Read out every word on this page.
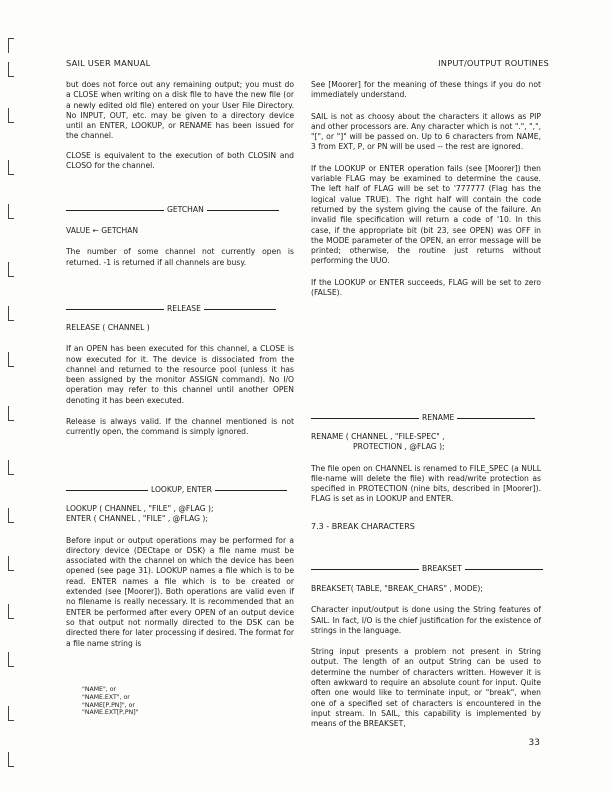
SAIL USER MANUAL	INPUT/OUTPUT ROUTINES

but does not force out any remaining output; you must do a CLOSE when writing on a disk file to have the new file (or a newly edited old file) entered on your User File Directory. No INPUT, OUT, etc. may be given to a directory device until an ENTER, LOOKUP, or RENAME has been issued for the channel.

CLOSE is equivalent to the execution of both CLOSIN and CLOSO for the channel.

GETCHAN

VALUE ← GETCHAN

The number of some channel not currently open is returned. -1 is returned if all channels are busy.

RELEASE

RELEASE ( CHANNEL )

If an OPEN has been executed for this channel, a CLOSE is now executed for it. The device is dissociated from the channel and returned to the resource pool (unless it has been assigned by the monitor ASSIGN command). No I/O operation may refer to this channel until another OPEN denoting it has been executed.

Release is always valid. If the channel mentioned is not currently open, the command is simply ignored.

LOOKUP, ENTER

LOOKUP ( CHANNEL , "FILE" , @FLAG );

ENTER ( CHANNEL , "FILE" , @FLAG );

Before input or output operations may be performed for a directory device (DECtape or DSK) a file name must be associated with the channel on which the device has been opened (see page 31). LOOKUP names a file which is to be read. ENTER names a file which is to be created or extended (see [Moorer]). Both operations are valid even if no filename is really necessary. It is recommended that an ENTER be performed after every OPEN of an output device so that output not normally directed to the DSK can be directed there for later processing if desired. The format for a file name string is

"NAME", or
"NAME.EXT", or
"NAME[P,PN]", or
"NAME.EXT[P,PN]"

See [Moorer] for the meaning of these things if you do not immediately understand.

SAIL is not as choosy about the characters it allows as PIP and other processors are. Any character which is not ".", ",", "[", or "]" will be passed on. Up to 6 characters from NAME, 3 from EXT, P, or PN will be used -- the rest are ignored.

If the LOOKUP or ENTER operation fails (see [Moorer]) then variable FLAG may be examined to determine the cause. The left half of FLAG will be set to '777777 (Flag has the logical value TRUE). The right half will contain the code returned by the system giving the cause of the failure. An invalid file specification will return a code of '10. In this case, if the appropriate bit (bit 23, see OPEN) was OFF in the MODE parameter of the OPEN, an error message will be printed; otherwise, the routine just returns without performing the UUO.

If the LOOKUP or ENTER succeeds, FLAG will be set to zero (FALSE).

RENAME

RENAME ( CHANNEL , "FILE-SPEC" ,

PROTECTION , @FLAG );

The file open on CHANNEL is renamed to FILE_SPEC (a NULL file-name will delete the file) with read/write protection as specified in PROTECTION (nine bits, described in [Moorer]). FLAG is set as in LOOKUP and ENTER.

7.3 - BREAK CHARACTERS
BREAKSET

BREAKSET( TABLE, "BREAK_CHARS" , MODE);

Character input/output is done using the String features of SAIL. In fact, I/O is the chief justification for the existence of strings in the language.

String input presents a problem not present in String output. The length of an output String can be used to determine the number of characters written. However it is often awkward to require an absolute count for input. Quite often one would like to terminate input, or "break", when one of a specified set of characters is encountered in the input stream. In SAIL, this capability is implemented by means of the BREAKSET,

33
